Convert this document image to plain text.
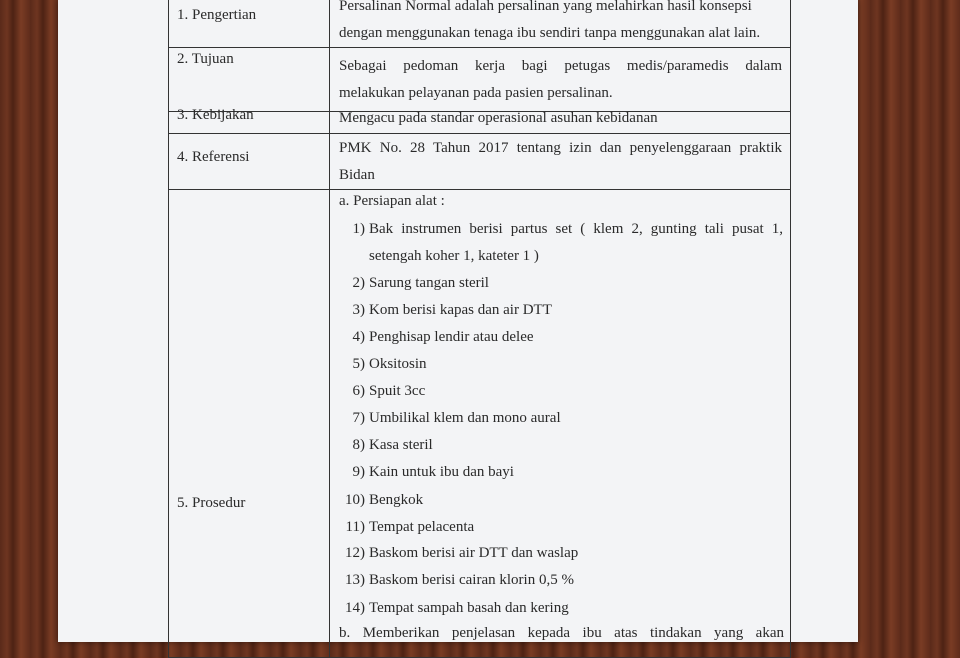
1. Pengertian
Persalinan Normal adalah persalinan yang melahirkan hasil konsepsi
dengan menggunakan tenaga ibu sendiri tanpa menggunakan alat lain.
2. Tujuan	Sebagai pedoman kerja bagi petugas medis/paramedis dalam
melakukan pelayanan pada pasien persalinan.
3. Kebijakan	Mengacu pada standar operasional asuhan kebidanan
4. Referensi
PMK No. 28 Tahun 2017 tentang izin dan penyelenggaraan praktik
Bidan
5. Prosedur
a. Persiapan alat :
1) Bak instrumen berisi partus set ( klem 2, gunting tali pusat 1,
setengah koher 1, kateter 1 )
2) Sarung tangan steril
3) Kom berisi kapas dan air DTT
4) Penghisap lendir atau delee
5) Oksitosin
6) Spuit 3cc
7) Umbilikal klem dan mono aural
8) Kasa steril
9) Kain untuk ibu dan bayi
10) Bengkok
11) Tempat pelacenta
12) Baskom berisi air DTT dan waslap
13) Baskom berisi cairan klorin 0,5 %
14) Tempat sampah basah dan kering
b. Memberikan penjelasan kepada ibu atas tindakan yang akan
